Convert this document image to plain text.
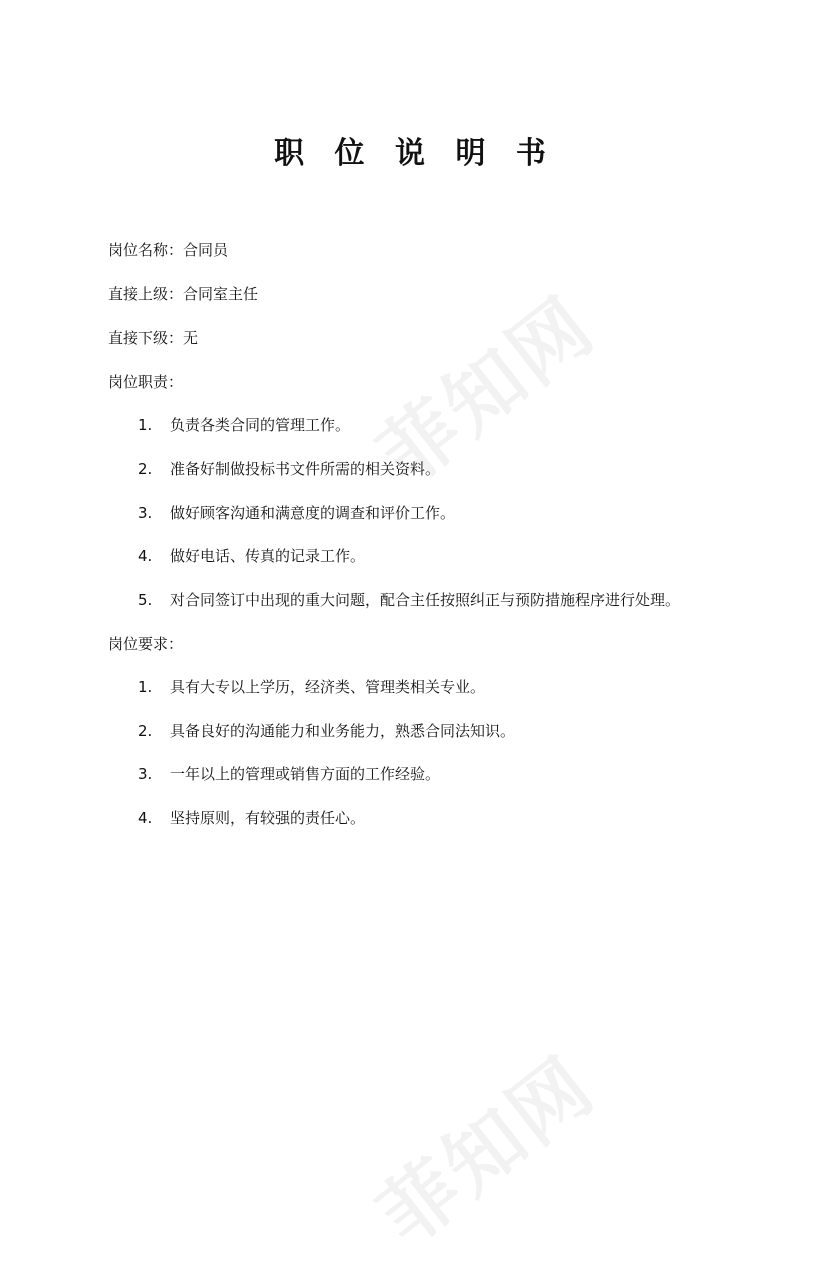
菲知网
菲知网
职 位 说 明 书
岗位名称：合同员
直接上级：合同室主任
直接下级：无
岗位职责：
1. 负责各类合同的管理工作。
2. 准备好制做投标书文件所需的相关资料。
3. 做好顾客沟通和满意度的调查和评价工作。
4. 做好电话、传真的记录工作。
5. 对合同签订中出现的重大问题，配合主任按照纠正与预防措施程序进行处理。
岗位要求：
1. 具有大专以上学历，经济类、管理类相关专业。
2. 具备良好的沟通能力和业务能力，熟悉合同法知识。
3. 一年以上的管理或销售方面的工作经验。
4. 坚持原则，有较强的责任心。
